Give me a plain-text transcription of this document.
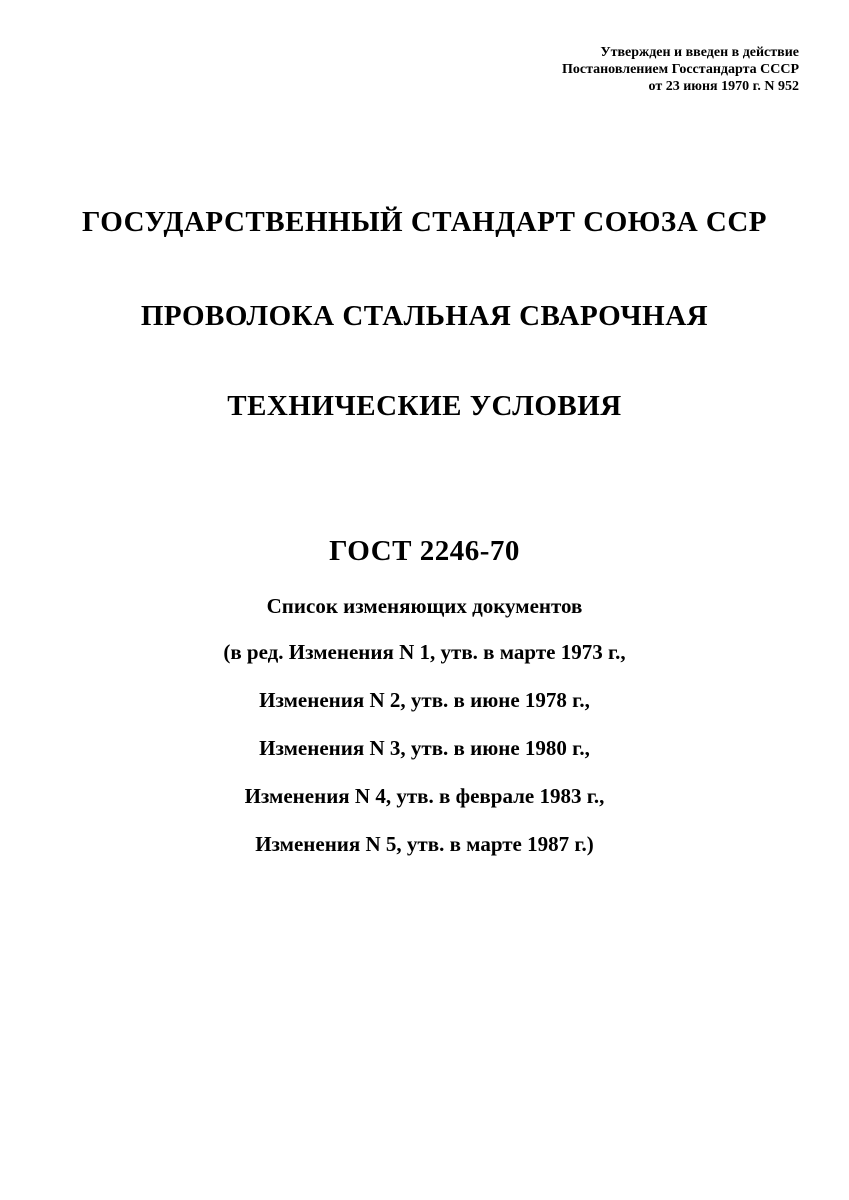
Утвержден и введен в действие
Постановлением Госстандарта СССР
от 23 июня 1970 г. N 952
ГОСУДАРСТВЕННЫЙ СТАНДАРТ СОЮЗА ССР
ПРОВОЛОКА СТАЛЬНАЯ СВАРОЧНАЯ
ТЕХНИЧЕСКИЕ УСЛОВИЯ
ГОСТ 2246-70
Список изменяющих документов
(в ред. Изменения N 1, утв. в марте 1973 г.,
Изменения N 2, утв. в июне 1978 г.,
Изменения N 3, утв. в июне 1980 г.,
Изменения N 4, утв. в феврале 1983 г.,
Изменения N 5, утв. в марте 1987 г.)
